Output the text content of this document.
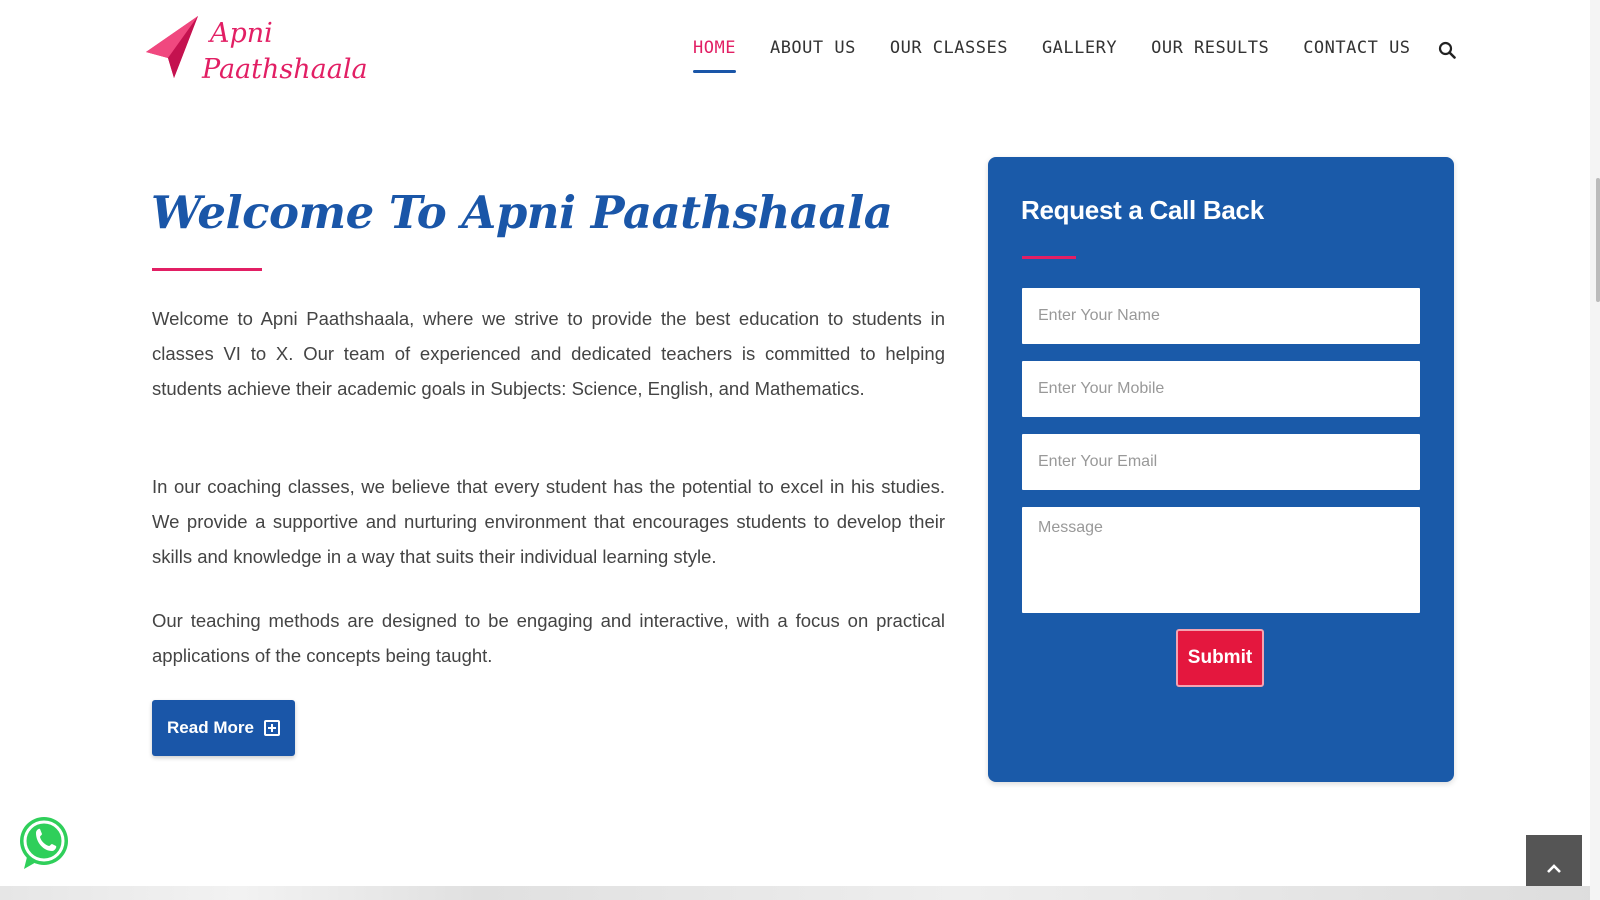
Apni
Paathshaala
HOME ABOUT US OUR CLASSES GALLERY OUR RESULTS CONTACT US
Welcome To Apni Paathshaala

Welcome to Apni Paathshaala, where we strive to provide the best education to students in classes VI to X. Our team of experienced and dedicated teachers is committed to helping students achieve their academic goals in Subjects: Science, English, and Mathematics.

In our coaching classes, we believe that every student has the potential to excel in his studies. We provide a supportive and nurturing environment that encourages students to develop their skills and knowledge in a way that suits their individual learning style.

Our teaching methods are designed to be engaging and interactive, with a focus on practical applications of the concepts being taught.

Read More
Request a Call Back
Enter Your Name
Enter Your Mobile
Enter Your Email
Message
Submit
